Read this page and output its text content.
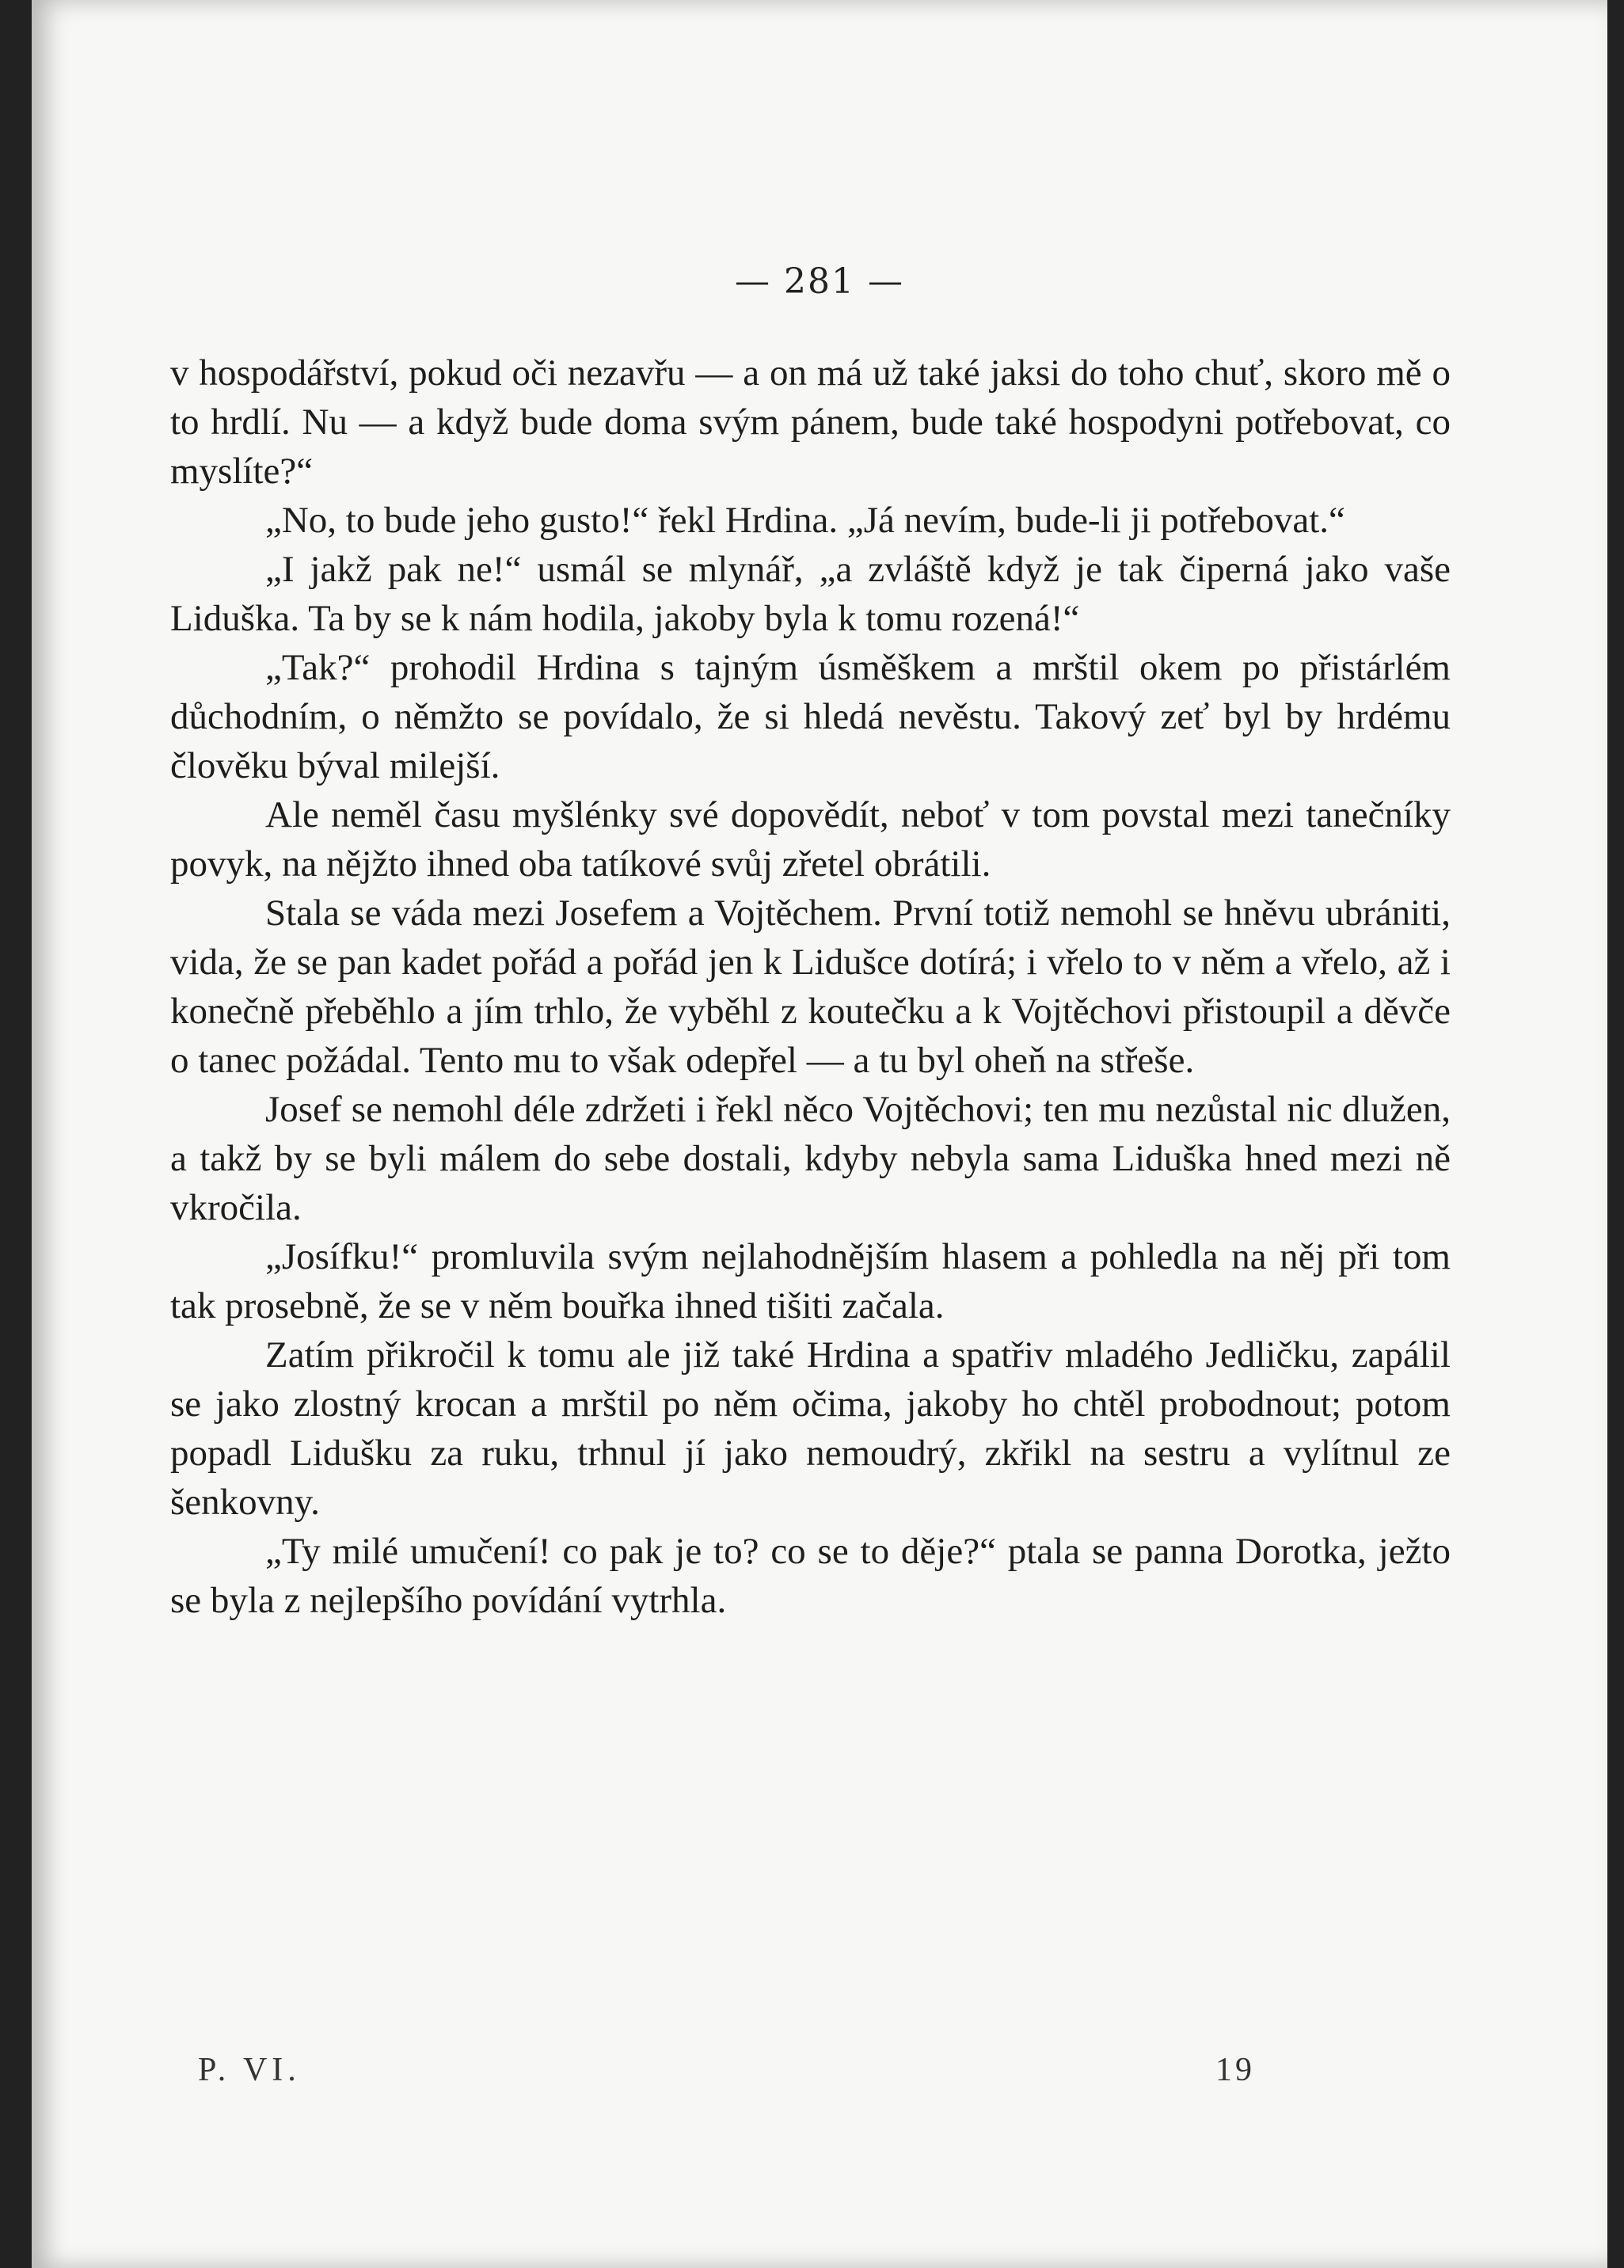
— 281 —

v hospodářství, pokud oči nezavřu — a on má už také jaksi do toho chuť, skoro mě o to hrdlí. Nu — a když bude doma svým pánem, bude také hospodyni potřebovat, co myslíte?“

„No, to bude jeho gusto!“ řekl Hrdina. „Já nevím, bude-li ji potřebovat.“

„I jakž pak ne!“ usmál se mlynář, „a zvláště když je tak čiperná jako vaše Liduška. Ta by se k nám hodila, jakoby byla k tomu rozená!“

„Tak?“ prohodil Hrdina s tajným úsměškem a mrštil okem po přistárlém důchodním, o němžto se povídalo, že si hledá nevěstu. Takový zeť byl by hrdému člověku býval milejší.

Ale neměl času myšlénky své dopovědít, neboť v tom povstal mezi tanečníky povyk, na nějžto ihned oba tatíkové svůj zřetel obrátili.

Stala se váda mezi Josefem a Vojtěchem. První totiž nemohl se hněvu ubrániti, vida, že se pan kadet pořád a pořád jen k Lidušce dotírá; i vřelo to v něm a vřelo, až i konečně přeběhlo a jím trhlo, že vyběhl z koutečku a k Vojtěchovi přistoupil a děvče o tanec požádal. Tento mu to však odepřel — a tu byl oheň na střeše.

Josef se nemohl déle zdržeti i řekl něco Vojtěchovi; ten mu nezůstal nic dlužen, a takž by se byli málem do sebe dostali, kdyby nebyla sama Liduška hned mezi ně vkročila.

„Josífku!“ promluvila svým nejlahodnějším hlasem a pohledla na něj při tom tak prosebně, že se v něm bouřka ihned tišiti začala.

Zatím přikročil k tomu ale již také Hrdina a spatřiv mladého Jedličku, zapálil se jako zlostný krocan a mrštil po něm očima, jakoby ho chtěl probodnout; potom popadl Lidušku za ruku, trhnul jí jako nemoudrý, zkřikl na sestru a vylítnul ze šenkovny.

„Ty milé umučení! co pak je to? co se to děje?“ ptala se panna Dorotka, ježto se byla z nejlepšího povídání vytrhla.

P. VI.	19
